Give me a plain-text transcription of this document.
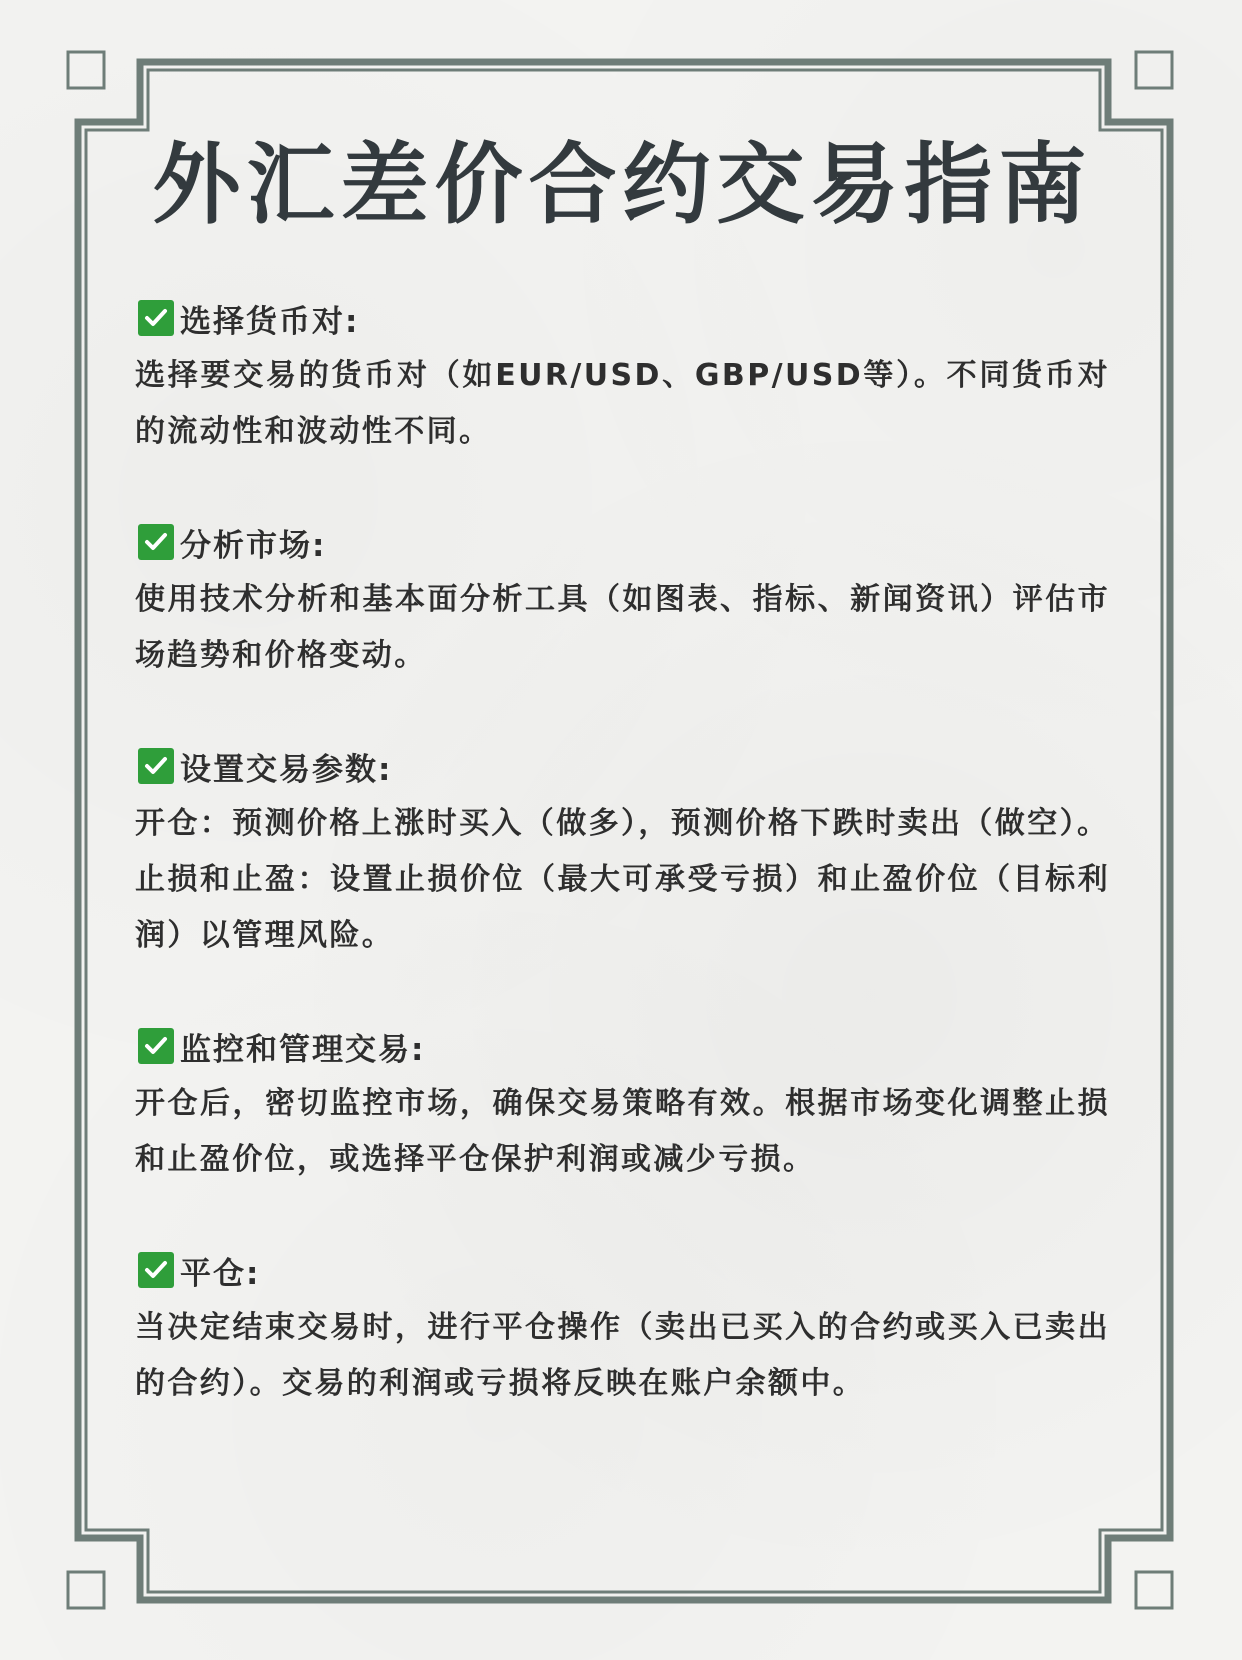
外汇差价合约交易指南
选择货币对:

选择要交易的货币对（如EUR/USD、GBP/USD等）。不同货币对的流动性和波动性不同。

分析市场:

使用技术分析和基本面分析工具（如图表、指标、新闻资讯）评估市场趋势和价格变动。

设置交易参数:

开仓：预测价格上涨时买入（做多），预测价格下跌时卖出（做空）。

止损和止盈：设置止损价位（最大可承受亏损）和止盈价位（目标利润）以管理风险。

监控和管理交易:

开仓后，密切监控市场，确保交易策略有效。根据市场变化调整止损和止盈价位，或选择平仓保护利润或减少亏损。

平仓:

当决定结束交易时，进行平仓操作（卖出已买入的合约或买入已卖出的合约）。交易的利润或亏损将反映在账户余额中。
